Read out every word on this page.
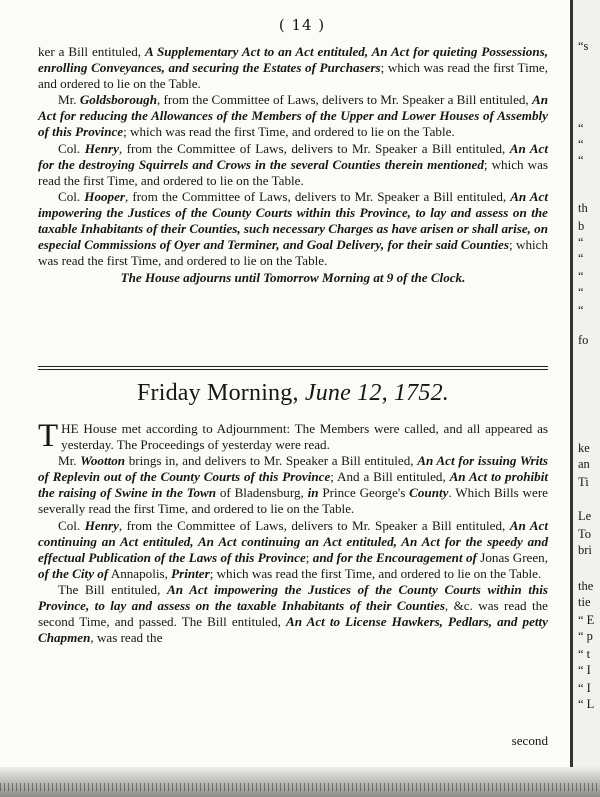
( 14 )

ker a Bill entituled, A Supplementary Act to an Act entituled, An Act for quieting Possessions, enrolling Conveyances, and securing the Estates of Purchasers; which was read the first Time, and ordered to lie on the Table.

Mr. Goldsborough, from the Committee of Laws, delivers to Mr. Speaker a Bill entituled, An Act for reducing the Allowances of the Members of the Upper and Lower Houses of Assembly of this Province; which was read the first Time, and ordered to lie on the Table.

Col. Henry, from the Committee of Laws, delivers to Mr. Speaker a Bill entituled, An Act for the destroying Squirrels and Crows in the several Counties therein mentioned; which was read the first Time, and ordered to lie on the Table.

Col. Hooper, from the Committee of Laws, delivers to Mr. Speaker a Bill entituled, An Act impowering the Justices of the County Courts within this Province, to lay and assess on the taxable Inhabitants of their Counties, such necessary Charges as have arisen or shall arise, on especial Commissions of Oyer and Terminer, and Goal Delivery, for their said Counties; which was read the first Time, and ordered to lie on the Table.

The House adjourns until Tomorrow Morning at 9 of the Clock.

Friday Morning, June 12, 1752.

THE House met according to Adjournment: The Members were called, and all appeared as yesterday. The Proceedings of yesterday were read.

Mr. Wootton brings in, and delivers to Mr. Speaker a Bill entituled, An Act for issuing Writs of Replevin out of the County Courts of this Province; And a Bill entituled, An Act to prohibit the raising of Swine in the Town of Bladensburg, in Prince George's County. Which Bills were severally read the first Time, and ordered to lie on the Table.

Col. Henry, from the Committee of Laws, delivers to Mr. Speaker a Bill entituled, An Act continuing an Act entituled, An Act continuing an Act entituled, An Act for the speedy and effectual Publication of the Laws of this Province; and for the Encouragement of Jonas Green, of the City of Annapolis, Printer; which was read the first Time, and ordered to lie on the Table.

The Bill entituled, An Act impowering the Justices of the County Courts within this Province, to lay and assess on the taxable Inhabitants of their Counties, &c. was read the second Time, and passed. The Bill entituled, An Act to License Hawkers, Pedlars, and petty Chapmen, was read the

second
“s
“
“
“
th
b
“
“
“
“
“
fo
ke
an
Ti
Le
To
bri
the
tie
“ E
“ p
“ t
“ I
“ I
“ L
